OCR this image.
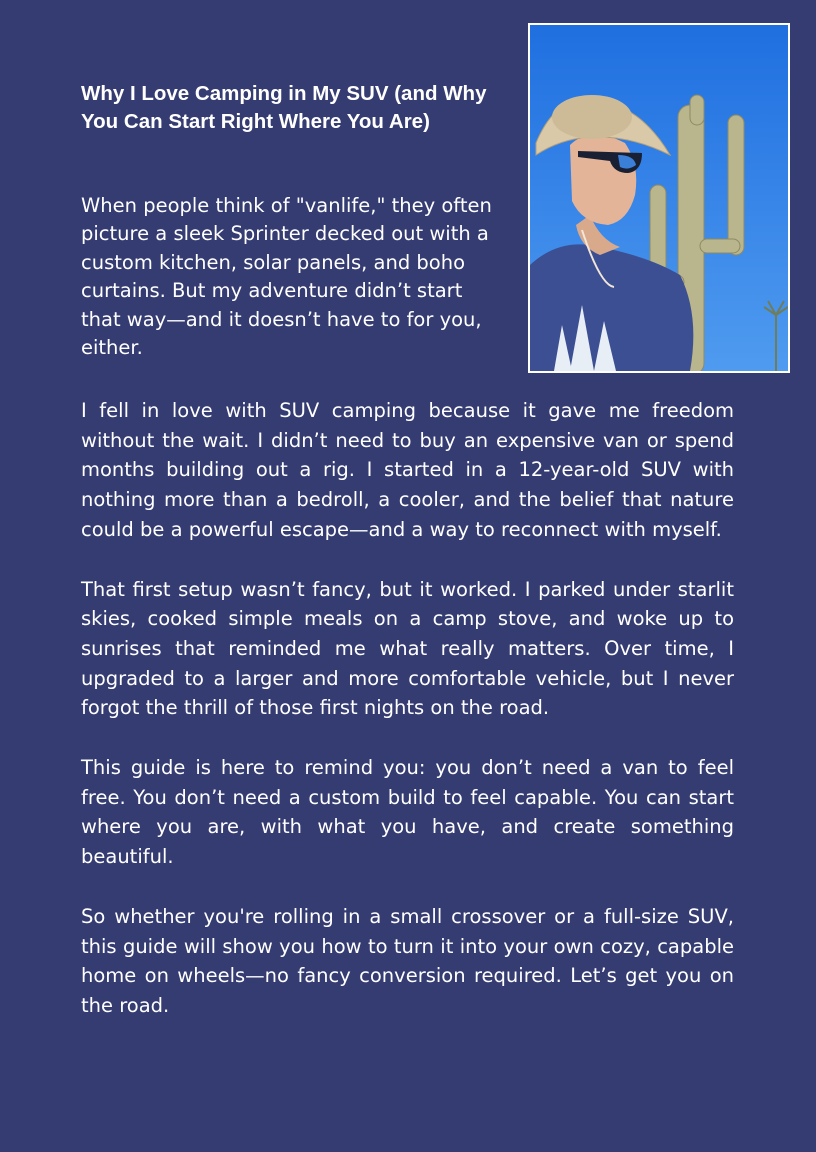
Why I Love Camping in My SUV (and Why You Can Start Right Where You Are)

When people think of "vanlife," they often picture a sleek Sprinter decked out with a custom kitchen, solar panels, and boho curtains. But my adventure didn’t start that way—and it doesn’t have to for you, either.

I fell in love with SUV camping because it gave me freedom without the wait. I didn’t need to buy an expensive van or spend months building out a rig. I started in a 12-year-old SUV with nothing more than a bedroll, a cooler, and the belief that nature could be a powerful escape—and a way to reconnect with myself.

That first setup wasn’t fancy, but it worked. I parked under starlit skies, cooked simple meals on a camp stove, and woke up to sunrises that reminded me what really matters. Over time, I upgraded to a larger and more comfortable vehicle, but I never forgot the thrill of those first nights on the road.

This guide is here to remind you: you don’t need a van to feel free. You don’t need a custom build to feel capable. You can start where you are, with what you have, and create something beautiful.

So whether you're rolling in a small crossover or a full-size SUV, this guide will show you how to turn it into your own cozy, capable home on wheels—no fancy conversion required. Let’s get you on the road.
